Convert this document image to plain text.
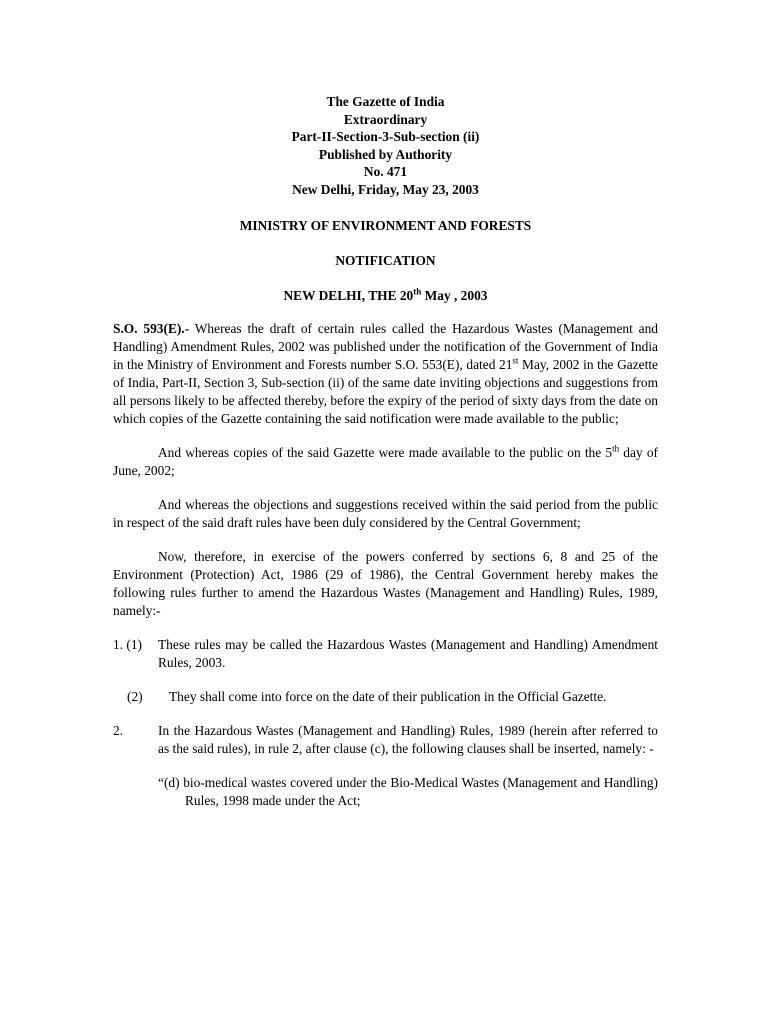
The Gazette of India
Extraordinary
Part-II-Section-3-Sub-section (ii)
Published by Authority
No. 471
New Delhi, Friday, May 23, 2003

MINISTRY OF ENVIRONMENT AND FORESTS

NOTIFICATION

NEW DELHI, THE 20th May , 2003

S.O. 593(E).- Whereas the draft of certain rules called the Hazardous Wastes (Management and Handling) Amendment Rules, 2002 was published under the notification of the Government of India in the Ministry of Environment and Forests number S.O. 553(E), dated 21st May, 2002 in the Gazette of India, Part-II, Section 3, Sub-section (ii) of the same date inviting objections and suggestions from all persons likely to be affected thereby, before the expiry of the period of sixty days from the date on which copies of the Gazette containing the said notification were made available to the public;

And whereas copies of the said Gazette were made available to the public on the 5th day of June, 2002;

And whereas the objections and suggestions received within the said period from the public in respect of the said draft rules have been duly considered by the Central Government;

Now, therefore, in exercise of the powers conferred by sections 6, 8 and 25 of the Environment (Protection) Act, 1986 (29 of 1986), the Central Government hereby makes the following rules further to amend the Hazardous Wastes (Management and Handling) Rules, 1989, namely:-

1. (1) These rules may be called the Hazardous Wastes (Management and Handling) Amendment Rules, 2003.
(2) They shall come into force on the date of their publication in the Official Gazette.
2.	In the Hazardous Wastes (Management and Handling) Rules, 1989 (herein after referred to as the said rules), in rule 2, after clause (c), the following clauses shall be inserted, namely: -

“(d) bio-medical wastes covered under the Bio-Medical Wastes (Management and Handling) Rules, 1998 made under the Act;
